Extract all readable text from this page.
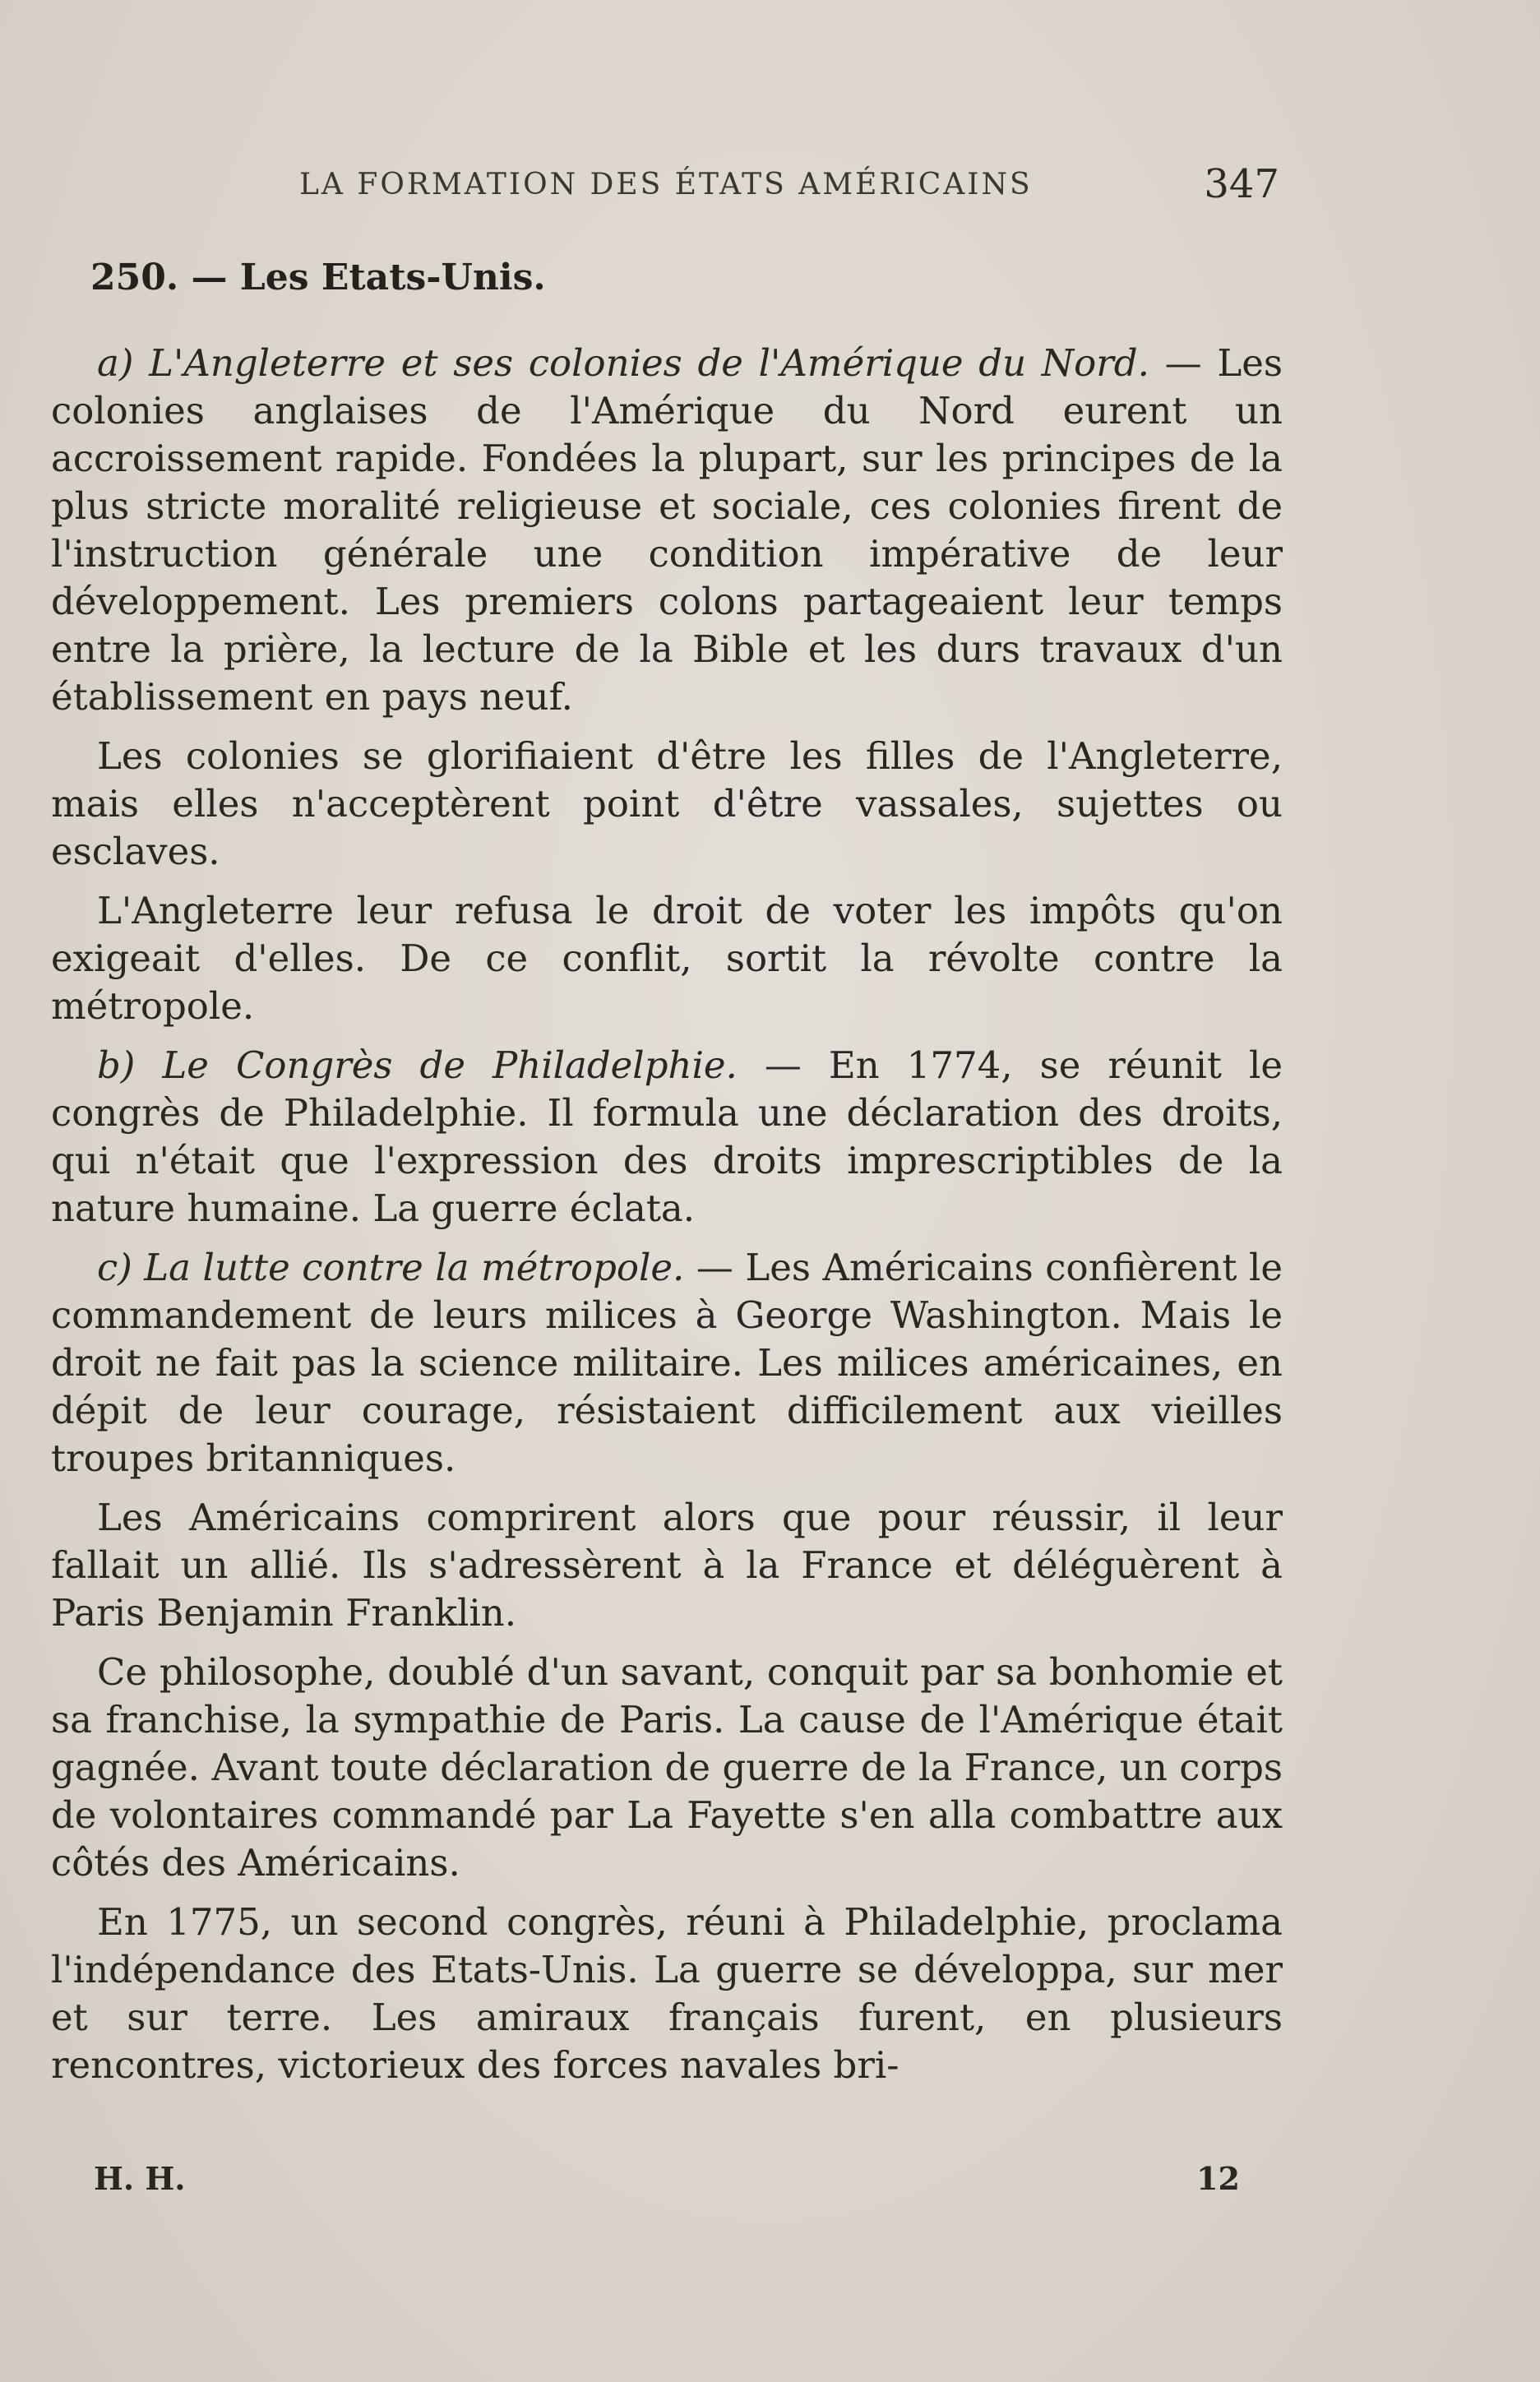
LA FORMATION DES ÉTATS AMÉRICAINS	347
250. — Les Etats-Unis.

a) L'Angleterre et ses colonies de l'Amérique du Nord. — Les colonies anglaises de l'Amérique du Nord eurent un accroissement rapide. Fondées la plupart, sur les principes de la plus stricte moralité religieuse et sociale, ces colonies firent de l'instruction générale une condition impérative de leur développement. Les premiers colons partageaient leur temps entre la prière, la lecture de la Bible et les durs travaux d'un établissement en pays neuf.

Les colonies se glorifiaient d'être les filles de l'Angleterre, mais elles n'acceptèrent point d'être vassales, sujettes ou esclaves.

L'Angleterre leur refusa le droit de voter les impôts qu'on exigeait d'elles. De ce conflit, sortit la révolte contre la métropole.

b) Le Congrès de Philadelphie. — En 1774, se réunit le congrès de Philadelphie. Il formula une déclaration des droits, qui n'était que l'expression des droits imprescriptibles de la nature humaine. La guerre éclata.

c) La lutte contre la métropole. — Les Américains confièrent le commandement de leurs milices à George Washington. Mais le droit ne fait pas la science militaire. Les milices américaines, en dépit de leur courage, résistaient difficilement aux vieilles troupes britanniques.

Les Américains comprirent alors que pour réussir, il leur fallait un allié. Ils s'adressèrent à la France et déléguèrent à Paris Benjamin Franklin.

Ce philosophe, doublé d'un savant, conquit par sa bonhomie et sa franchise, la sympathie de Paris. La cause de l'Amérique était gagnée. Avant toute déclaration de guerre de la France, un corps de volontaires commandé par La Fayette s'en alla combattre aux côtés des Américains.

En 1775, un second congrès, réuni à Philadelphie, proclama l'indépendance des Etats-Unis. La guerre se développa, sur mer et sur terre. Les amiraux français furent, en plusieurs rencontres, victorieux des forces navales bri-

H. H.	12
